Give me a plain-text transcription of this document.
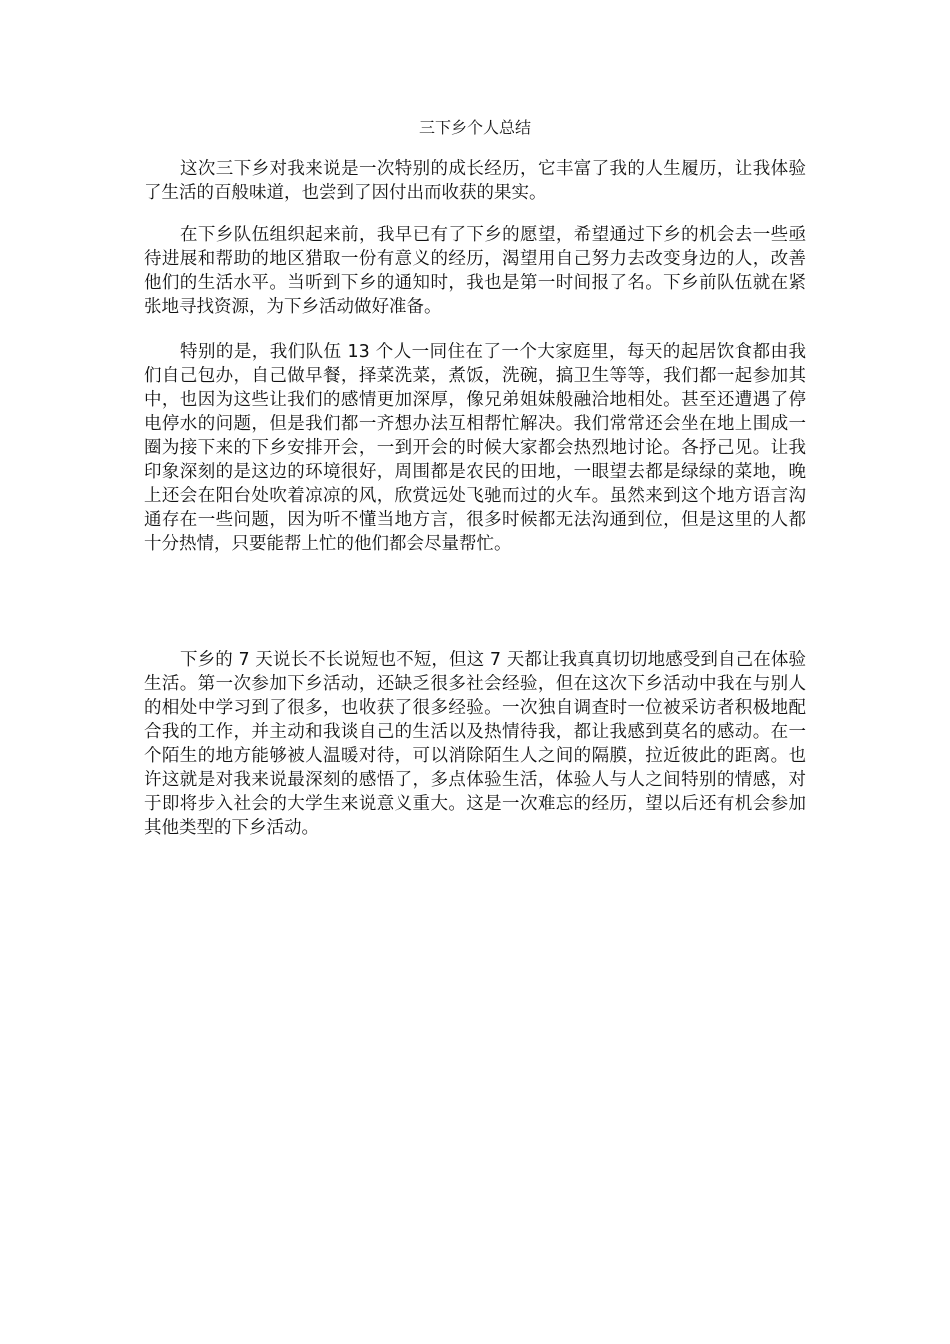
三下乡个人总结

这次三下乡对我来说是一次特别的成长经历，它丰富了我的人生履历，让我体验了生活的百般味道，也尝到了因付出而收获的果实。

在下乡队伍组织起来前，我早已有了下乡的愿望，希望通过下乡的机会去一些亟待进展和帮助的地区猎取一份有意义的经历，渴望用自己努力去改变身边的人，改善他们的生活水平。当听到下乡的通知时，我也是第一时间报了名。下乡前队伍就在紧张地寻找资源，为下乡活动做好准备。

特别的是，我们队伍 13 个人一同住在了一个大家庭里，每天的起居饮食都由我们自己包办，自己做早餐，择菜洗菜，煮饭，洗碗，搞卫生等等，我们都一起参加其中，也因为这些让我们的感情更加深厚，像兄弟姐妹般融洽地相处。甚至还遭遇了停电停水的问题，但是我们都一齐想办法互相帮忙解决。我们常常还会坐在地上围成一圈为接下来的下乡安排开会，一到开会的时候大家都会热烈地讨论。各抒己见。让我印象深刻的是这边的环境很好，周围都是农民的田地，一眼望去都是绿绿的菜地，晚上还会在阳台处吹着凉凉的风，欣赏远处飞驰而过的火车。虽然来到这个地方语言沟通存在一些问题，因为听不懂当地方言，很多时候都无法沟通到位，但是这里的人都十分热情，只要能帮上忙的他们都会尽量帮忙。

下乡的 7 天说长不长说短也不短，但这 7 天都让我真真切切地感受到自己在体验生活。第一次参加下乡活动，还缺乏很多社会经验，但在这次下乡活动中我在与别人的相处中学习到了很多，也收获了很多经验。一次独自调查时一位被采访者积极地配合我的工作，并主动和我谈自己的生活以及热情待我，都让我感到莫名的感动。在一个陌生的地方能够被人温暖对待，可以消除陌生人之间的隔膜，拉近彼此的距离。也许这就是对我来说最深刻的感悟了，多点体验生活，体验人与人之间特别的情感，对于即将步入社会的大学生来说意义重大。这是一次难忘的经历，望以后还有机会参加其他类型的下乡活动。
